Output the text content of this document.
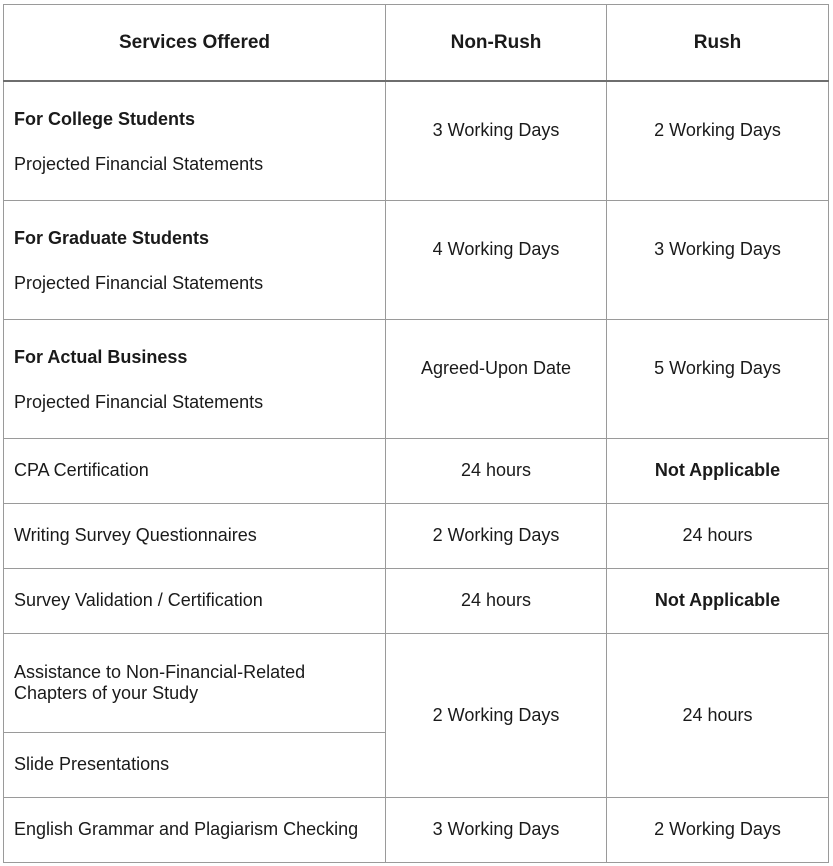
Services Offered	Non-Rush	Rush

For College Students
Projected Financial Statements	3 Working Days	2 Working Days

For Graduate Students
Projected Financial Statements	4 Working Days	3 Working Days

For Actual Business
Projected Financial Statements	Agreed-Upon Date	5 Working Days

CPA Certification	24 hours	Not Applicable
Writing Survey Questionnaires	2 Working Days	24 hours
Survey Validation / Certification	24 hours	Not Applicable
Assistance to Non-Financial-Related Chapters of your Study	2 Working Days	24 hours
Slide Presentations		
English Grammar and Plagiarism Checking	3 Working Days	2 Working Days
